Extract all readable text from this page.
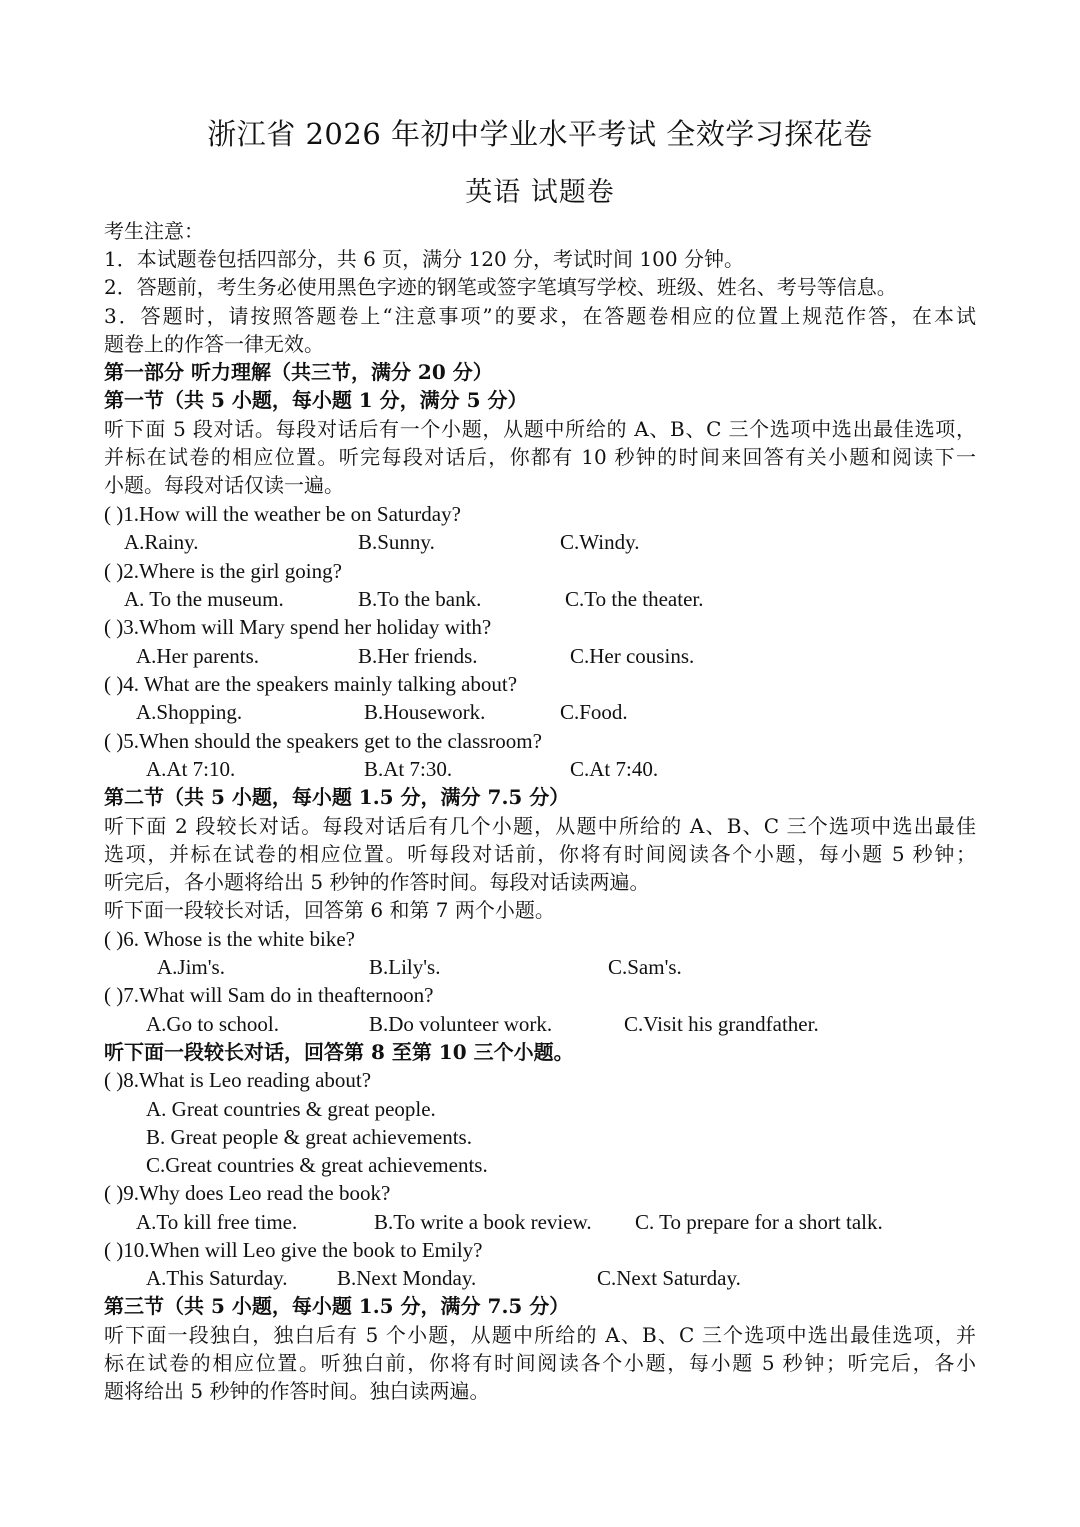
浙江省 2026 年初中学业水平考试 全效学习探花卷
英语 试题卷
考生注意：
1．本试题卷包括四部分，共 6 页，满分 120 分，考试时间 100 分钟。
2．答题前，考生务必使用黑色字迹的钢笔或签字笔填写学校、班级、姓名、考号等信息。
3．答题时，请按照答题卷上“注意事项”的要求，在答题卷相应的位置上规范作答，在本试
题卷上的作答一律无效。
第一部分 听力理解（共三节，满分 20 分）
第一节（共 5 小题，每小题 1 分，满分 5 分）
听下面 5 段对话。每段对话后有一个小题，从题中所给的 A、B、C 三个选项中选出最佳选项，
并标在试卷的相应位置。听完每段对话后，你都有 10 秒钟的时间来回答有关小题和阅读下一
小题。每段对话仅读一遍。
( )1.How will the weather be on Saturday?
A.Rainy.	B.Sunny.	C.Windy.
( )2.Where is the girl going?
A. To the museum.	B.To the bank.	C.To the theater.
( )3.Whom will Mary spend her holiday with?
A.Her parents.	B.Her friends.	C.Her cousins.
( )4. What are the speakers mainly talking about?
A.Shopping.	B.Housework.	C.Food.
( )5.When should the speakers get to the classroom?
A.At 7:10.	B.At 7:30.	C.At 7:40.
第二节（共 5 小题，每小题 1.5 分，满分 7.5 分）
听下面 2 段较长对话。每段对话后有几个小题，从题中所给的 A、B、C 三个选项中选出最佳
选项，并标在试卷的相应位置。听每段对话前，你将有时间阅读各个小题，每小题 5 秒钟；
听完后，各小题将给出 5 秒钟的作答时间。每段对话读两遍。
听下面一段较长对话，回答第 6 和第 7 两个小题。
( )6. Whose is the white bike?
A.Jim's.	B.Lily's.	C.Sam's.
( )7.What will Sam do in theafternoon?
A.Go to school.	B.Do volunteer work.	C.Visit his grandfather.
听下面一段较长对话，回答第 8 至第 10 三个小题。
( )8.What is Leo reading about?
A. Great countries & great people.
B. Great people & great achievements.
C.Great countries & great achievements.
( )9.Why does Leo read the book?
A.To kill free time.	B.To write a book review. C. To prepare for a short talk.
( )10.When will Leo give the book to Emily?
A.This Saturday. B.Next Monday.	C.Next Saturday.
第三节（共 5 小题，每小题 1.5 分，满分 7.5 分）
听下面一段独白，独白后有 5 个小题，从题中所给的 A、B、C 三个选项中选出最佳选项，并
标在试卷的相应位置。听独白前，你将有时间阅读各个小题，每小题 5 秒钟；听完后，各小
题将给出 5 秒钟的作答时间。独白读两遍。
